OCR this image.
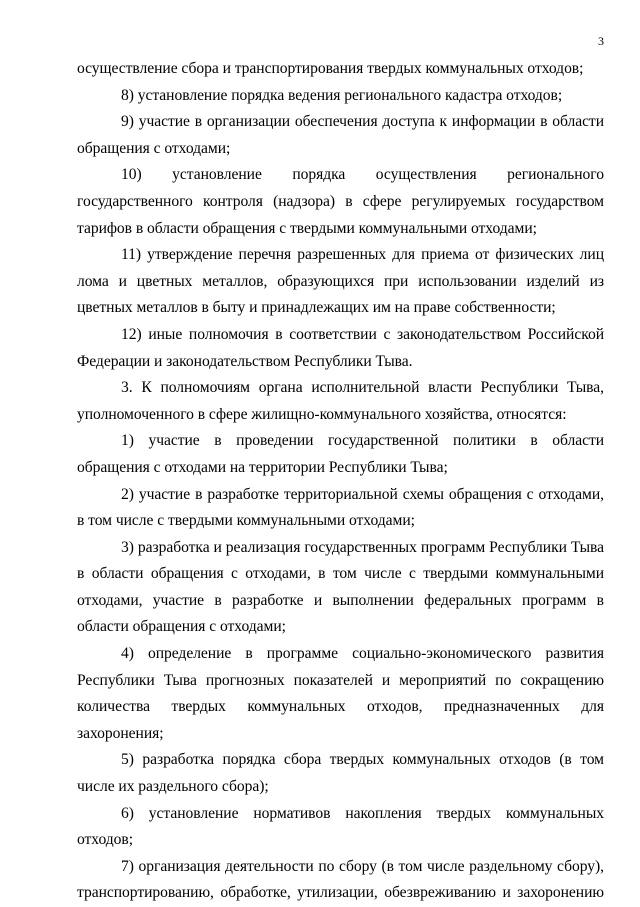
3

осуществление сбора и транспортирования твердых коммунальных отходов;

8) установление порядка ведения регионального кадастра отходов;

9) участие в организации обеспечения доступа к информации в области обращения с отходами;

10) установление порядка осуществления регионального государственного контроля (надзора) в сфере регулируемых государством тарифов в области обращения с твердыми коммунальными отходами;

11) утверждение перечня разрешенных для приема от физических лиц лома и цветных металлов, образующихся при использовании изделий из цветных металлов в быту и принадлежащих им на праве собственности;

12) иные полномочия в соответствии с законодательством Российской Федерации и законодательством Республики Тыва.

3. К полномочиям органа исполнительной власти Республики Тыва, уполномоченного в сфере жилищно-коммунального хозяйства, относятся:

1) участие в проведении государственной политики в области обращения с отходами на территории Республики Тыва;

2) участие в разработке территориальной схемы обращения с отходами, в том числе с твердыми коммунальными отходами;

3) разработка и реализация государственных программ Республики Тыва в области обращения с отходами, в том числе с твердыми коммунальными отходами, участие в разработке и выполнении федеральных программ в области обращения с отходами;

4) определение в программе социально-экономического развития Республики Тыва прогнозных показателей и мероприятий по сокращению количества твердых коммунальных отходов, предназначенных для захоронения;

5) разработка порядка сбора твердых коммунальных отходов (в том числе их раздельного сбора);

6) установление нормативов накопления твердых коммунальных отходов;

7) организация деятельности по сбору (в том числе раздельному сбору), транспортированию, обработке, утилизации, обезвреживанию и захоронению
